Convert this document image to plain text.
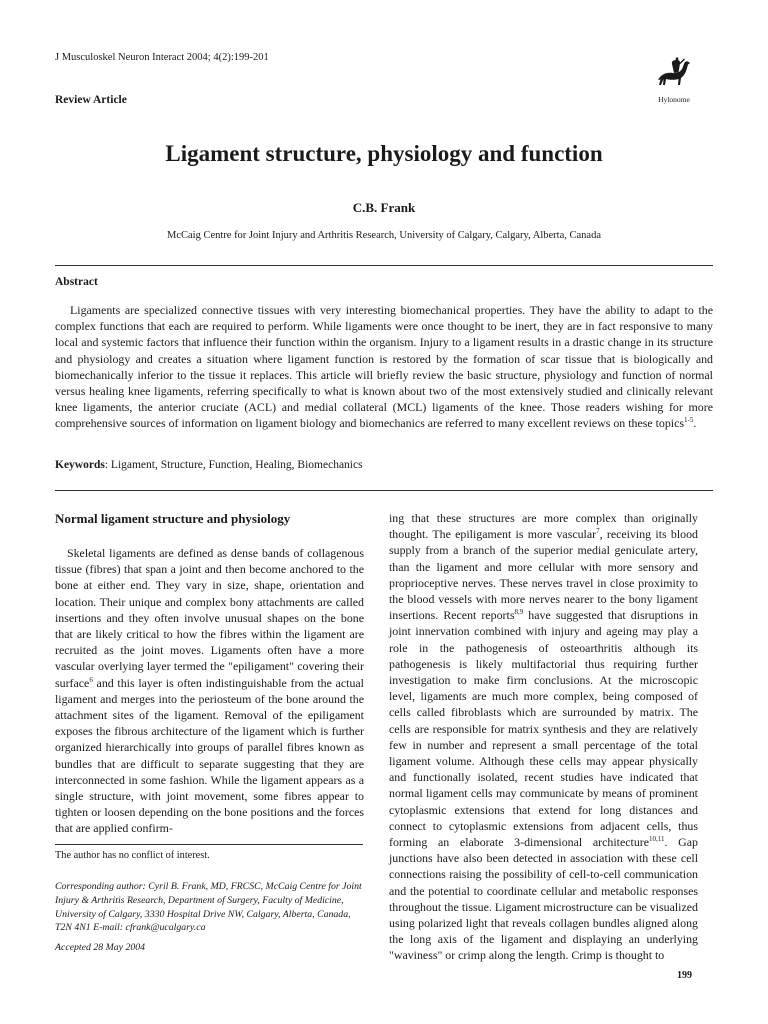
J Musculoskel Neuron Interact 2004; 4(2):199-201
Review Article	Hylonome
Ligament structure, physiology and function
C.B. Frank
McCaig Centre for Joint Injury and Arthritis Research, University of Calgary, Calgary, Alberta, Canada
Abstract

Ligaments are specialized connective tissues with very interesting biomechanical properties. They have the ability to adapt to the complex functions that each are required to perform. While ligaments were once thought to be inert, they are in fact responsive to many local and systemic factors that influence their function within the organism. Injury to a ligament results in a drastic change in its structure and physiology and creates a situation where ligament function is restored by the formation of scar tissue that is biologically and biomechanically inferior to the tissue it replaces. This article will briefly review the basic structure, physiology and function of normal versus healing knee ligaments, referring specifically to what is known about two of the most extensively studied and clinically relevant knee ligaments, the anterior cruciate (ACL) and medial collateral (MCL) ligaments of the knee. Those readers wishing for more comprehensive sources of information on ligament biology and biomechanics are referred to many excellent reviews on these topics$^{1-5}$.

Keywords: Ligament, Structure, Function, Healing, Biomechanics
Normal ligament structure and physiology

Skeletal ligaments are defined as dense bands of collagenous tissue (fibres) that span a joint and then become anchored to the bone at either end. They vary in size, shape, orientation and location. Their unique and complex bony attachments are called insertions and they often involve unusual shapes on the bone that are likely critical to how the fibres within the ligament are recruited as the joint moves. Ligaments often have a more vascular overlying layer termed the "epiligament" covering their surface$^6$ and this layer is often indistinguishable from the actual ligament and merges into the periosteum of the bone around the attachment sites of the ligament. Removal of the epiligament exposes the fibrous architecture of the ligament which is further organized hierarchically into groups of parallel fibres known as bundles that are difficult to separate suggesting that they are interconnected in some fashion. While the ligament appears as a single structure, with joint movement, some fibres appear to tighten or loosen depending on the bone positions and the forces that are applied confirm-

ing that these structures are more complex than originally thought. The epiligament is more vascular$^7$, receiving its blood supply from a branch of the superior medial geniculate artery, than the ligament and more cellular with more sensory and proprioceptive nerves. These nerves travel in close proximity to the blood vessels with more nerves nearer to the bony ligament insertions. Recent reports$^{8,9}$ have suggested that disruptions in joint innervation combined with injury and ageing may play a role in the pathogenesis of osteoarthritis although its pathogenesis is likely multifactorial thus requiring further investigation to make firm conclusions. At the microscopic level, ligaments are much more complex, being composed of cells called fibroblasts which are surrounded by matrix. The cells are responsible for matrix synthesis and they are relatively few in number and represent a small percentage of the total ligament volume. Although these cells may appear physically and functionally isolated, recent studies have indicated that normal ligament cells may communicate by means of prominent cytoplasmic extensions that extend for long distances and connect to cytoplasmic extensions from adjacent cells, thus forming an elaborate 3-dimensional architecture$^{10,11}$. Gap junctions have also been detected in association with these cell connections raising the possibility of cell-to-cell communication and the potential to coordinate cellular and metabolic responses throughout the tissue. Ligament microstructure can be visualized using polarized light that reveals collagen bundles aligned along the long axis of the ligament and displaying an underlying "waviness" or crimp along the length. Crimp is thought to

The author has no conflict of interest.

Corresponding author: Cyril B. Frank, MD, FRCSC, McCaig Centre for Joint Injury & Arthritis Research, Department of Surgery, Faculty of Medicine, University of Calgary, 3330 Hospital Drive NW, Calgary, Alberta, Canada, T2N 4N1 E-mail: cfrank@ucalgary.ca

Accepted 28 May 2004
199
